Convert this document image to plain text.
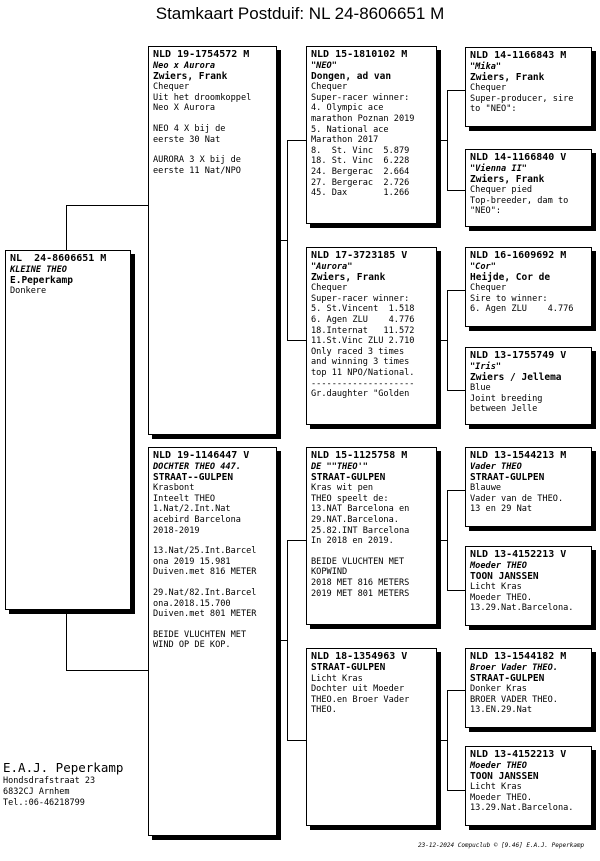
Stamkaart Postduif: NL 24-8606651 M
NL  24-8606651 M
KLEINE THEO
E.Peperkamp
Donkere
NLD 19-1754572 M
Neo x Aurora
Zwiers, Frank
Chequer
Uit het droomkoppel
Neo X Aurora
NEO 4 X bij de
eerste 30 Nat
AURORA 3 X bij de
eerste 11 Nat/NPO
NLD 19-1146447 V
DOCHTER THEO 447.
STRAAT--GULPEN
Krasbont
Inteelt THEO
1.Nat/2.Int.Nat
acebird Barcelona
2018-2019
13.Nat/25.Int.Barcel
ona 2019 15.981
Duiven.met 816 METER
29.Nat/82.Int.Barcel
ona.2018.15.700
Duiven.met 801 METER
BEIDE VLUCHTEN MET
WIND OP DE KOP.
NLD 15-1810102 M
"NEO"
Dongen, ad van
Chequer
Super-racer winner:
4. Olympic ace
marathon Poznan 2019
5. National ace
Marathon 2017
8.  St. Vinc  5.879
18. St. Vinc  6.228
24. Bergerac  2.664
27. Bergerac  2.726
45. Dax       1.266
NLD 17-3723185 V
"Aurora"
Zwiers, Frank
Chequer
Super-racer winner:
5. St.Vincent  1.518
6. Agen ZLU    4.776
18.Internat   11.572
11.St.Vinc ZLU 2.710
Only raced 3 times
and winning 3 times
top 11 NPO/National.
--------------------
Gr.daughter "Golden
NLD 15-1125758 M
DE ""THEO'"
STRAAT-GULPEN
Kras wit pen
THEO speelt de:
13.NAT Barcelona en
29.NAT.Barcelona.
25.82.INT Barcelona
In 2018 en 2019.
BEIDE VLUCHTEN MET
KOPWIND
2018 MET 816 METERS
2019 MET 801 METERS
NLD 18-1354963 V
STRAAT-GULPEN
Licht Kras
Dochter uit Moeder
THEO.en Broer Vader
THEO.
NLD 14-1166843 M
"Mika"
Zwiers, Frank
Chequer
Super-producer, sire
to "NEO":
NLD 14-1166840 V
"Vienna II"
Zwiers, Frank
Chequer pied
Top-breeder, dam to
"NEO":
NLD 16-1609692 M
"Cor"
Heijde, Cor de
Chequer
Sire to winner:
6. Agen ZLU    4.776
NLD 13-1755749 V
"Iris"
Zwiers / Jellema
Blue
Joint breeding
between Jelle
NLD 13-1544213 M
Vader THEO
STRAAT-GULPEN
Blauwe
Vader van de THEO.
13 en 29 Nat
NLD 13-4152213 V
Moeder THEO
TOON JANSSEN
Licht Kras
Moeder THEO.
13.29.Nat.Barcelona.
NLD 13-1544182 M
Broer Vader THEO.
STRAAT-GULPEN
Donker Kras
BROER VADER THEO.
13.EN.29.Nat
NLD 13-4152213 V
Moeder THEO
TOON JANSSEN
Licht Kras
Moeder THEO.
13.29.Nat.Barcelona.
E.A.J. Peperkamp
Hondsdrafstraat 23
6832CJ Arnhem
Tel.:06-46218799
23-12-2024 Compuclub © [9.46] E.A.J. Peperkamp
